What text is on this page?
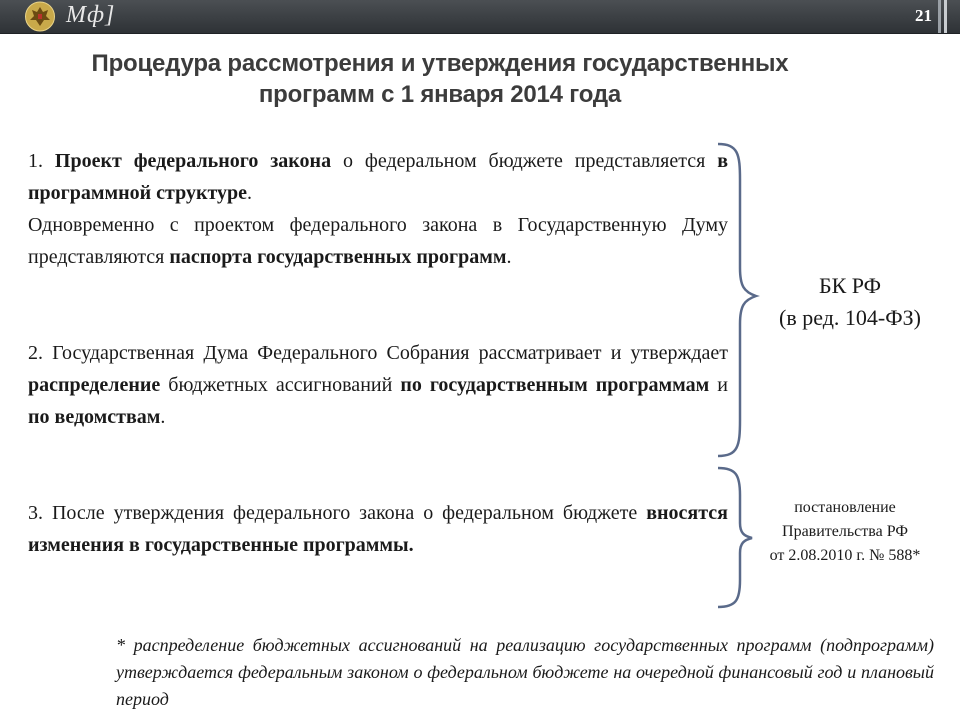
Мф]	21
Процедура рассмотрения и утверждения государственных
программ с 1 января 2014 года
1. Проект федерального закона о федеральном бюджете представляется в программной структуре.
Одновременно с проектом федерального закона в Государственную Думу представляются паспорта государственных программ.
2. Государственная Дума Федерального Собрания рассматривает и утверждает распределение бюджетных ассигнований по государственным программам и по ведомствам.
3. После утверждения федерального закона о федеральном бюджете вносятся изменения в государственные программы.
БК РФ
(в ред. 104-ФЗ)
постановление
Правительства РФ
от 2.08.2010 г. № 588*
* распределение бюджетных ассигнований на реализацию государственных программ (подпрограмм) утверждается федеральным законом о федеральном бюджете на очередной финансовый год и плановый период
